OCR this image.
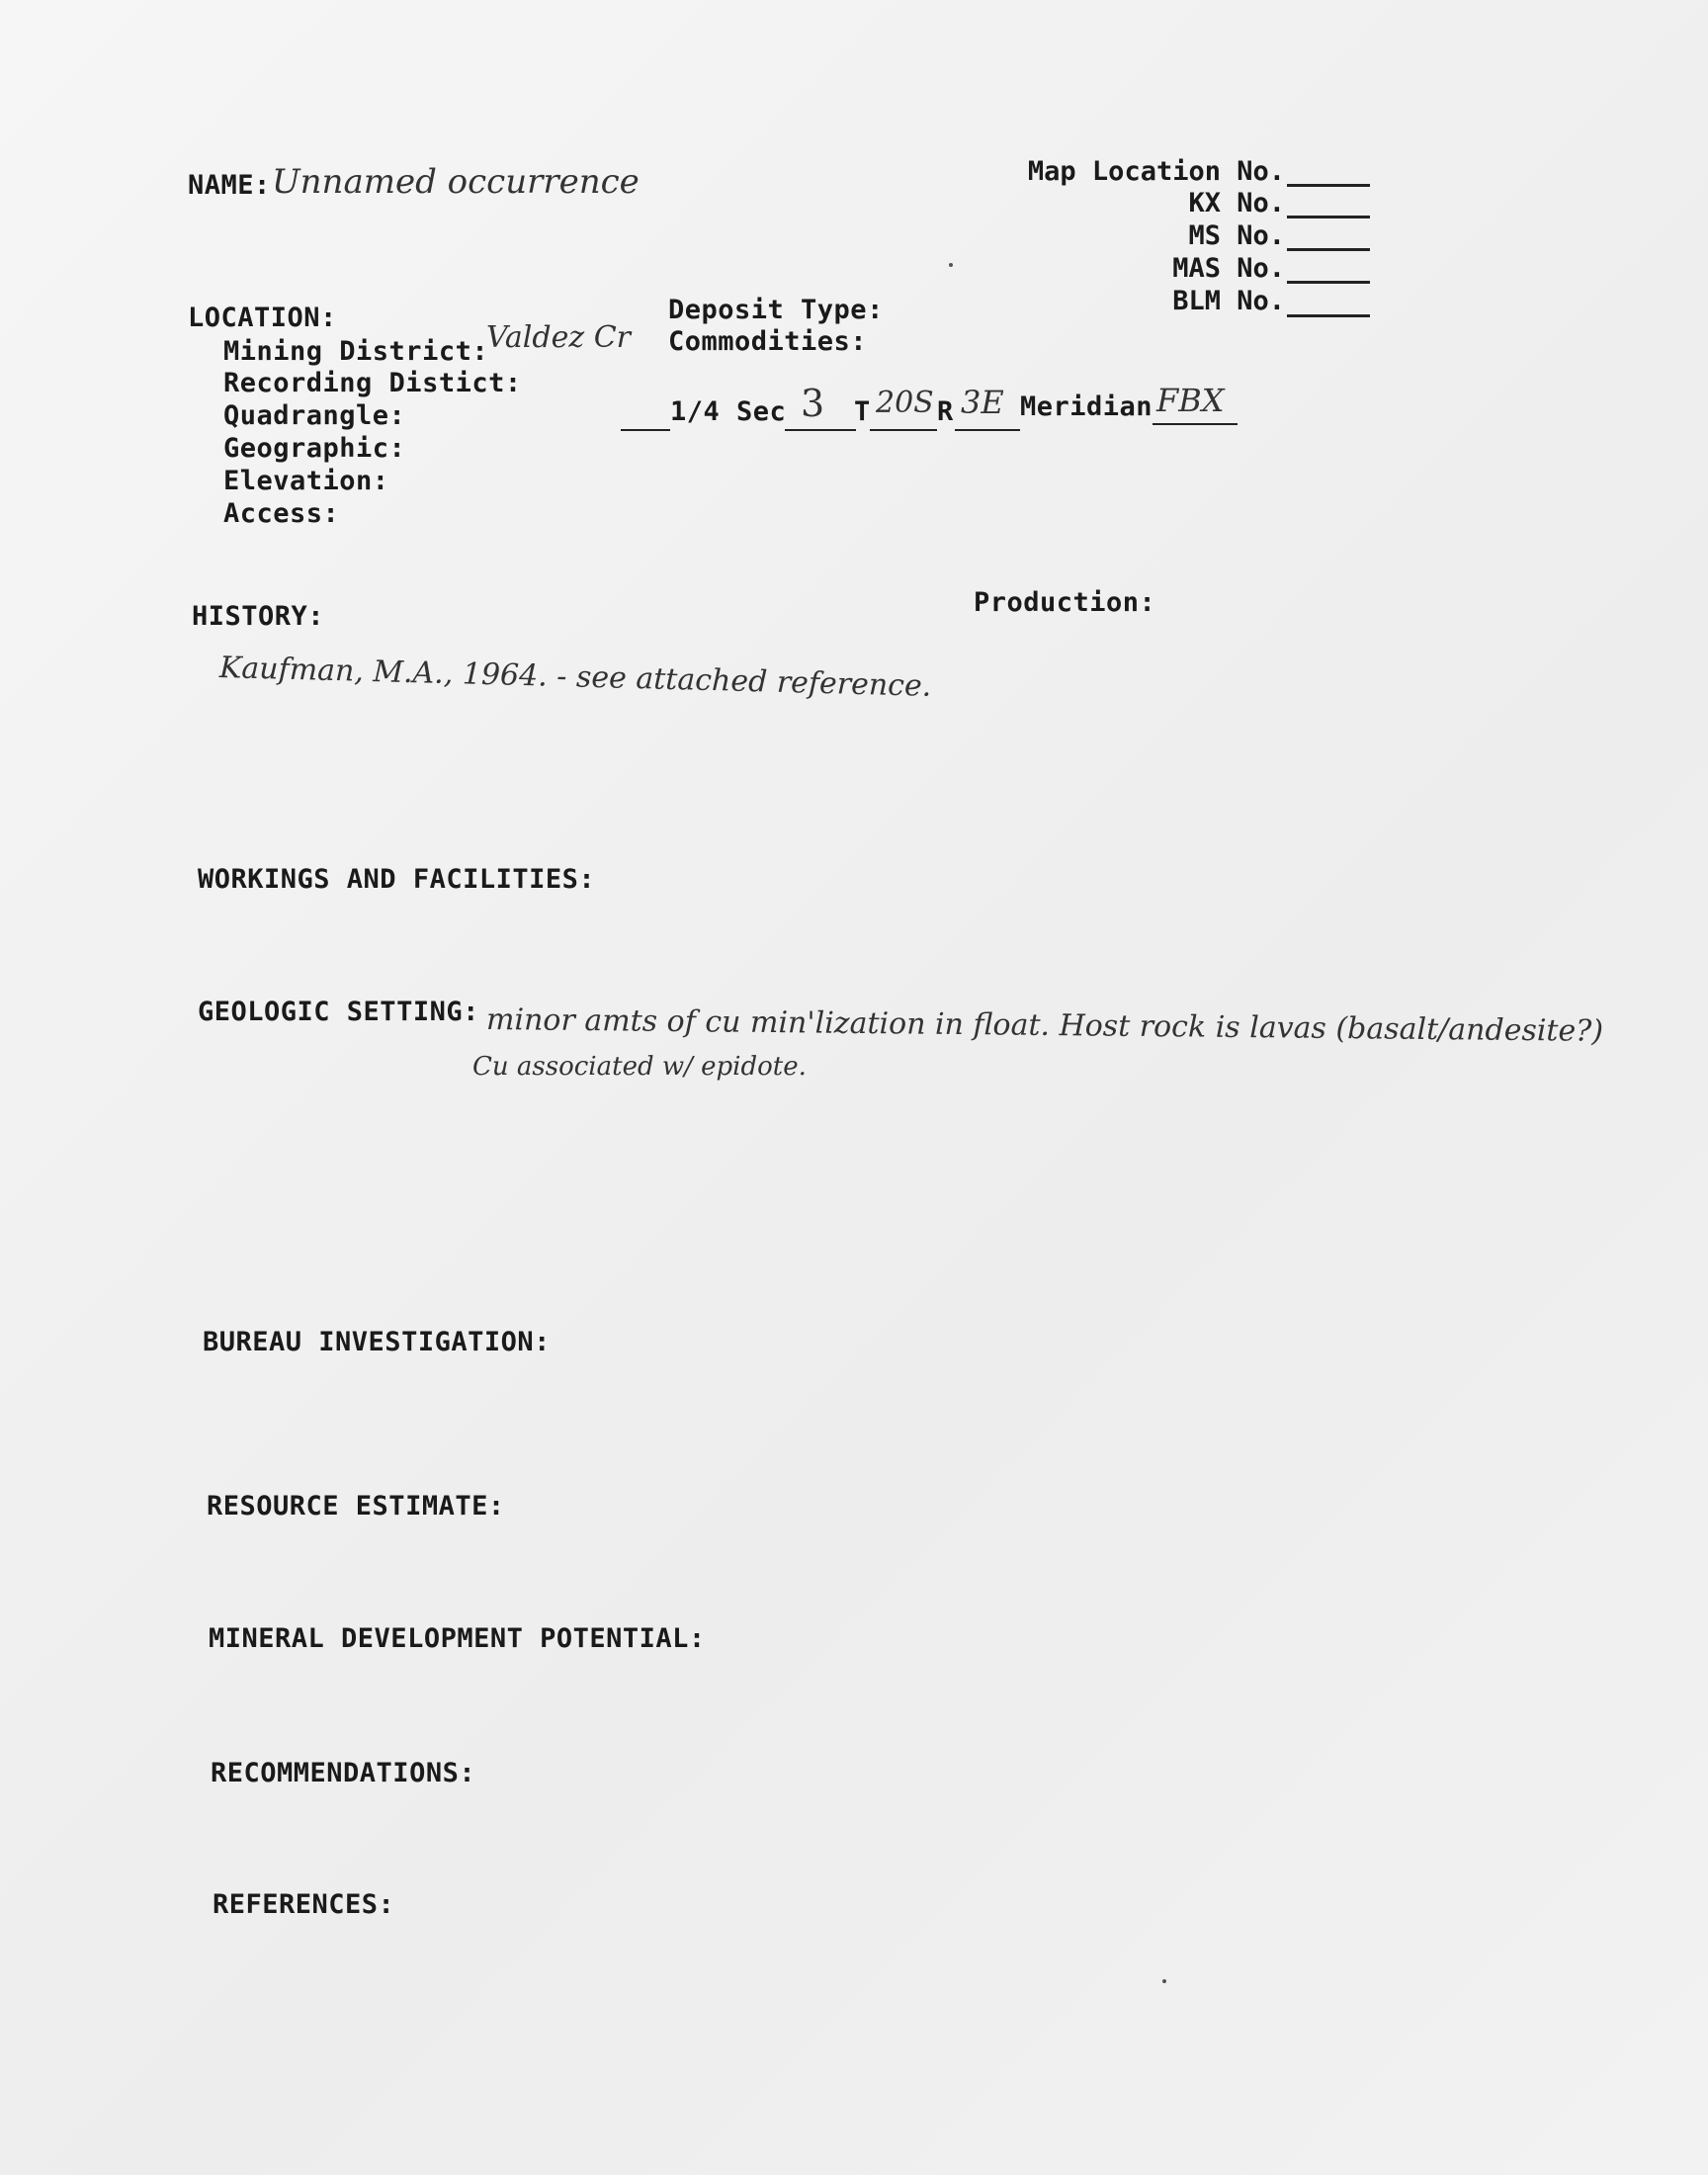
NAME: Unnamed occurrence	Map Location No.
KX No.
MS No.
MAS No.
BLM No.
LOCATION:
Mining District:
Valdez Cr
Recording Distict:
Quadrangle:
Geographic:
Elevation:
Access:
Deposit Type:
Commodities:
1/4 Sec 3 T 20S R 3E Meridian FBX
HISTORY:	Production:
Kaufman, M.A., 1964. - see attached reference.
WORKINGS AND FACILITIES:
GEOLOGIC SETTING: minor amts of cu min'lization in float. Host rock is lavas (basalt/andesite?)
Cu associated w/ epidote.
BUREAU INVESTIGATION:
RESOURCE ESTIMATE:
MINERAL DEVELOPMENT POTENTIAL:
RECOMMENDATIONS:
REFERENCES:
